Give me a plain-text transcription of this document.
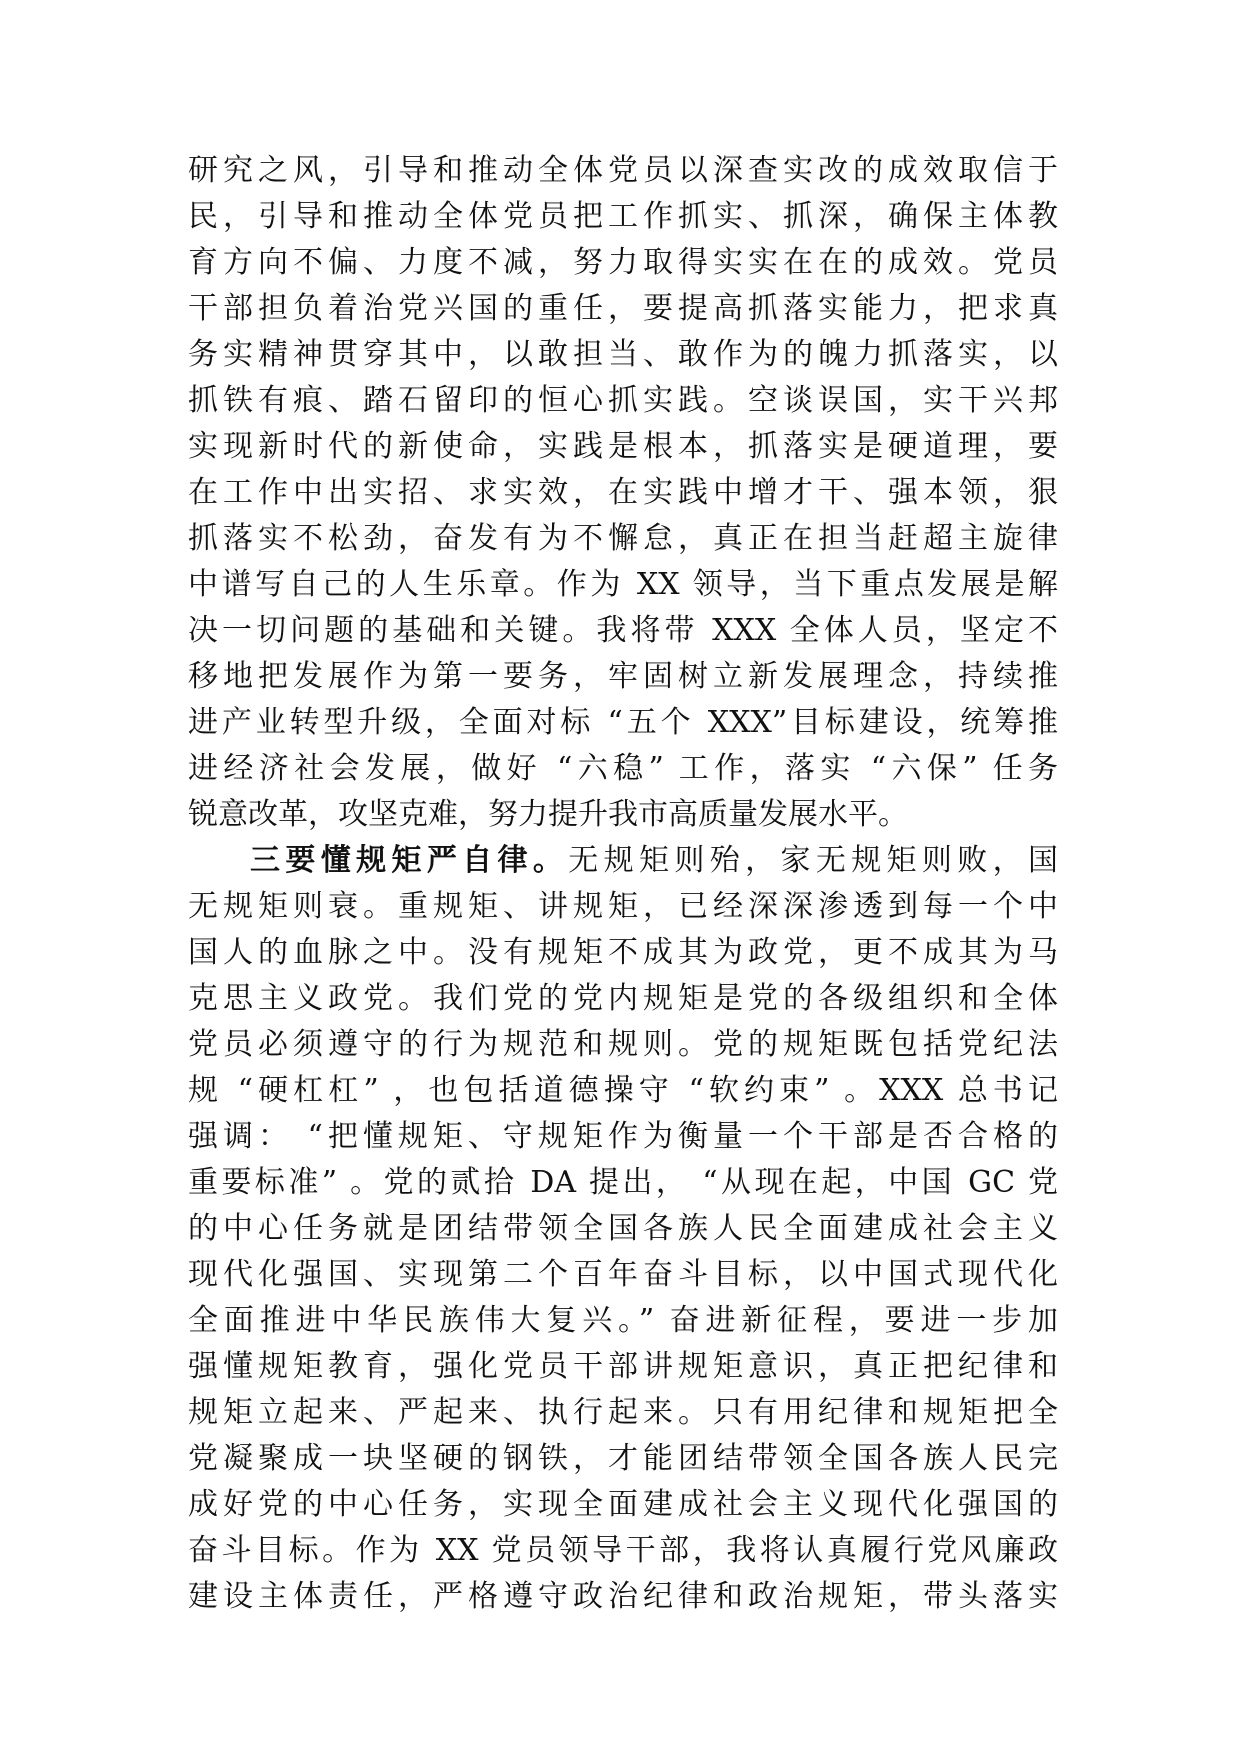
研究之风，引导和推动全体党员以深查实改的成效取信于
民，引导和推动全体党员把工作抓实、抓深，确保主体教
育方向不偏、力度不减，努力取得实实在在的成效。党员
干部担负着治党兴国的重任，要提高抓落实能力，把求真
务实精神贯穿其中，以敢担当、敢作为的魄力抓落实，以
抓铁有痕、踏石留印的恒心抓实践。空谈误国，实干兴邦
实现新时代的新使命，实践是根本，抓落实是硬道理，要
在工作中出实招、求实效，在实践中增才干、强本领，狠
抓落实不松劲，奋发有为不懈怠，真正在担当赶超主旋律
中谱写自己的人生乐章。作为 XX 领导，当下重点发展是解
决一切问题的基础和关键。我将带 XXX 全体人员，坚定不
移地把发展作为第一要务，牢固树立新发展理念，持续推
进产业转型升级，全面对标 “五个 XXX”目标建设，统筹推
进经济社会发展，做好 “六稳” 工作，落实 “六保” 任务
锐意改革，攻坚克难，努力提升我市高质量发展水平。
三要懂规矩严自律。无规矩则殆，家无规矩则败，国
无规矩则衰。重规矩、讲规矩，已经深深渗透到每一个中
国人的血脉之中。没有规矩不成其为政党，更不成其为马
克思主义政党。我们党的党内规矩是党的各级组织和全体
党员必须遵守的行为规范和规则。党的规矩既包括党纪法
规 “硬杠杠” ，也包括道德操守 “软约束” 。XXX 总书记
强调： “把懂规矩、守规矩作为衡量一个干部是否合格的
重要标准” 。党的贰拾 DA 提出， “从现在起，中国 GC 党
的中心任务就是团结带领全国各族人民全面建成社会主义
现代化强国、实现第二个百年奋斗目标，以中国式现代化
全面推进中华民族伟大复兴。” 奋进新征程，要进一步加
强懂规矩教育，强化党员干部讲规矩意识，真正把纪律和
规矩立起来、严起来、执行起来。只有用纪律和规矩把全
党凝聚成一块坚硬的钢铁，才能团结带领全国各族人民完
成好党的中心任务，实现全面建成社会主义现代化强国的
奋斗目标。作为 XX 党员领导干部，我将认真履行党风廉政
建设主体责任，严格遵守政治纪律和政治规矩，带头落实
